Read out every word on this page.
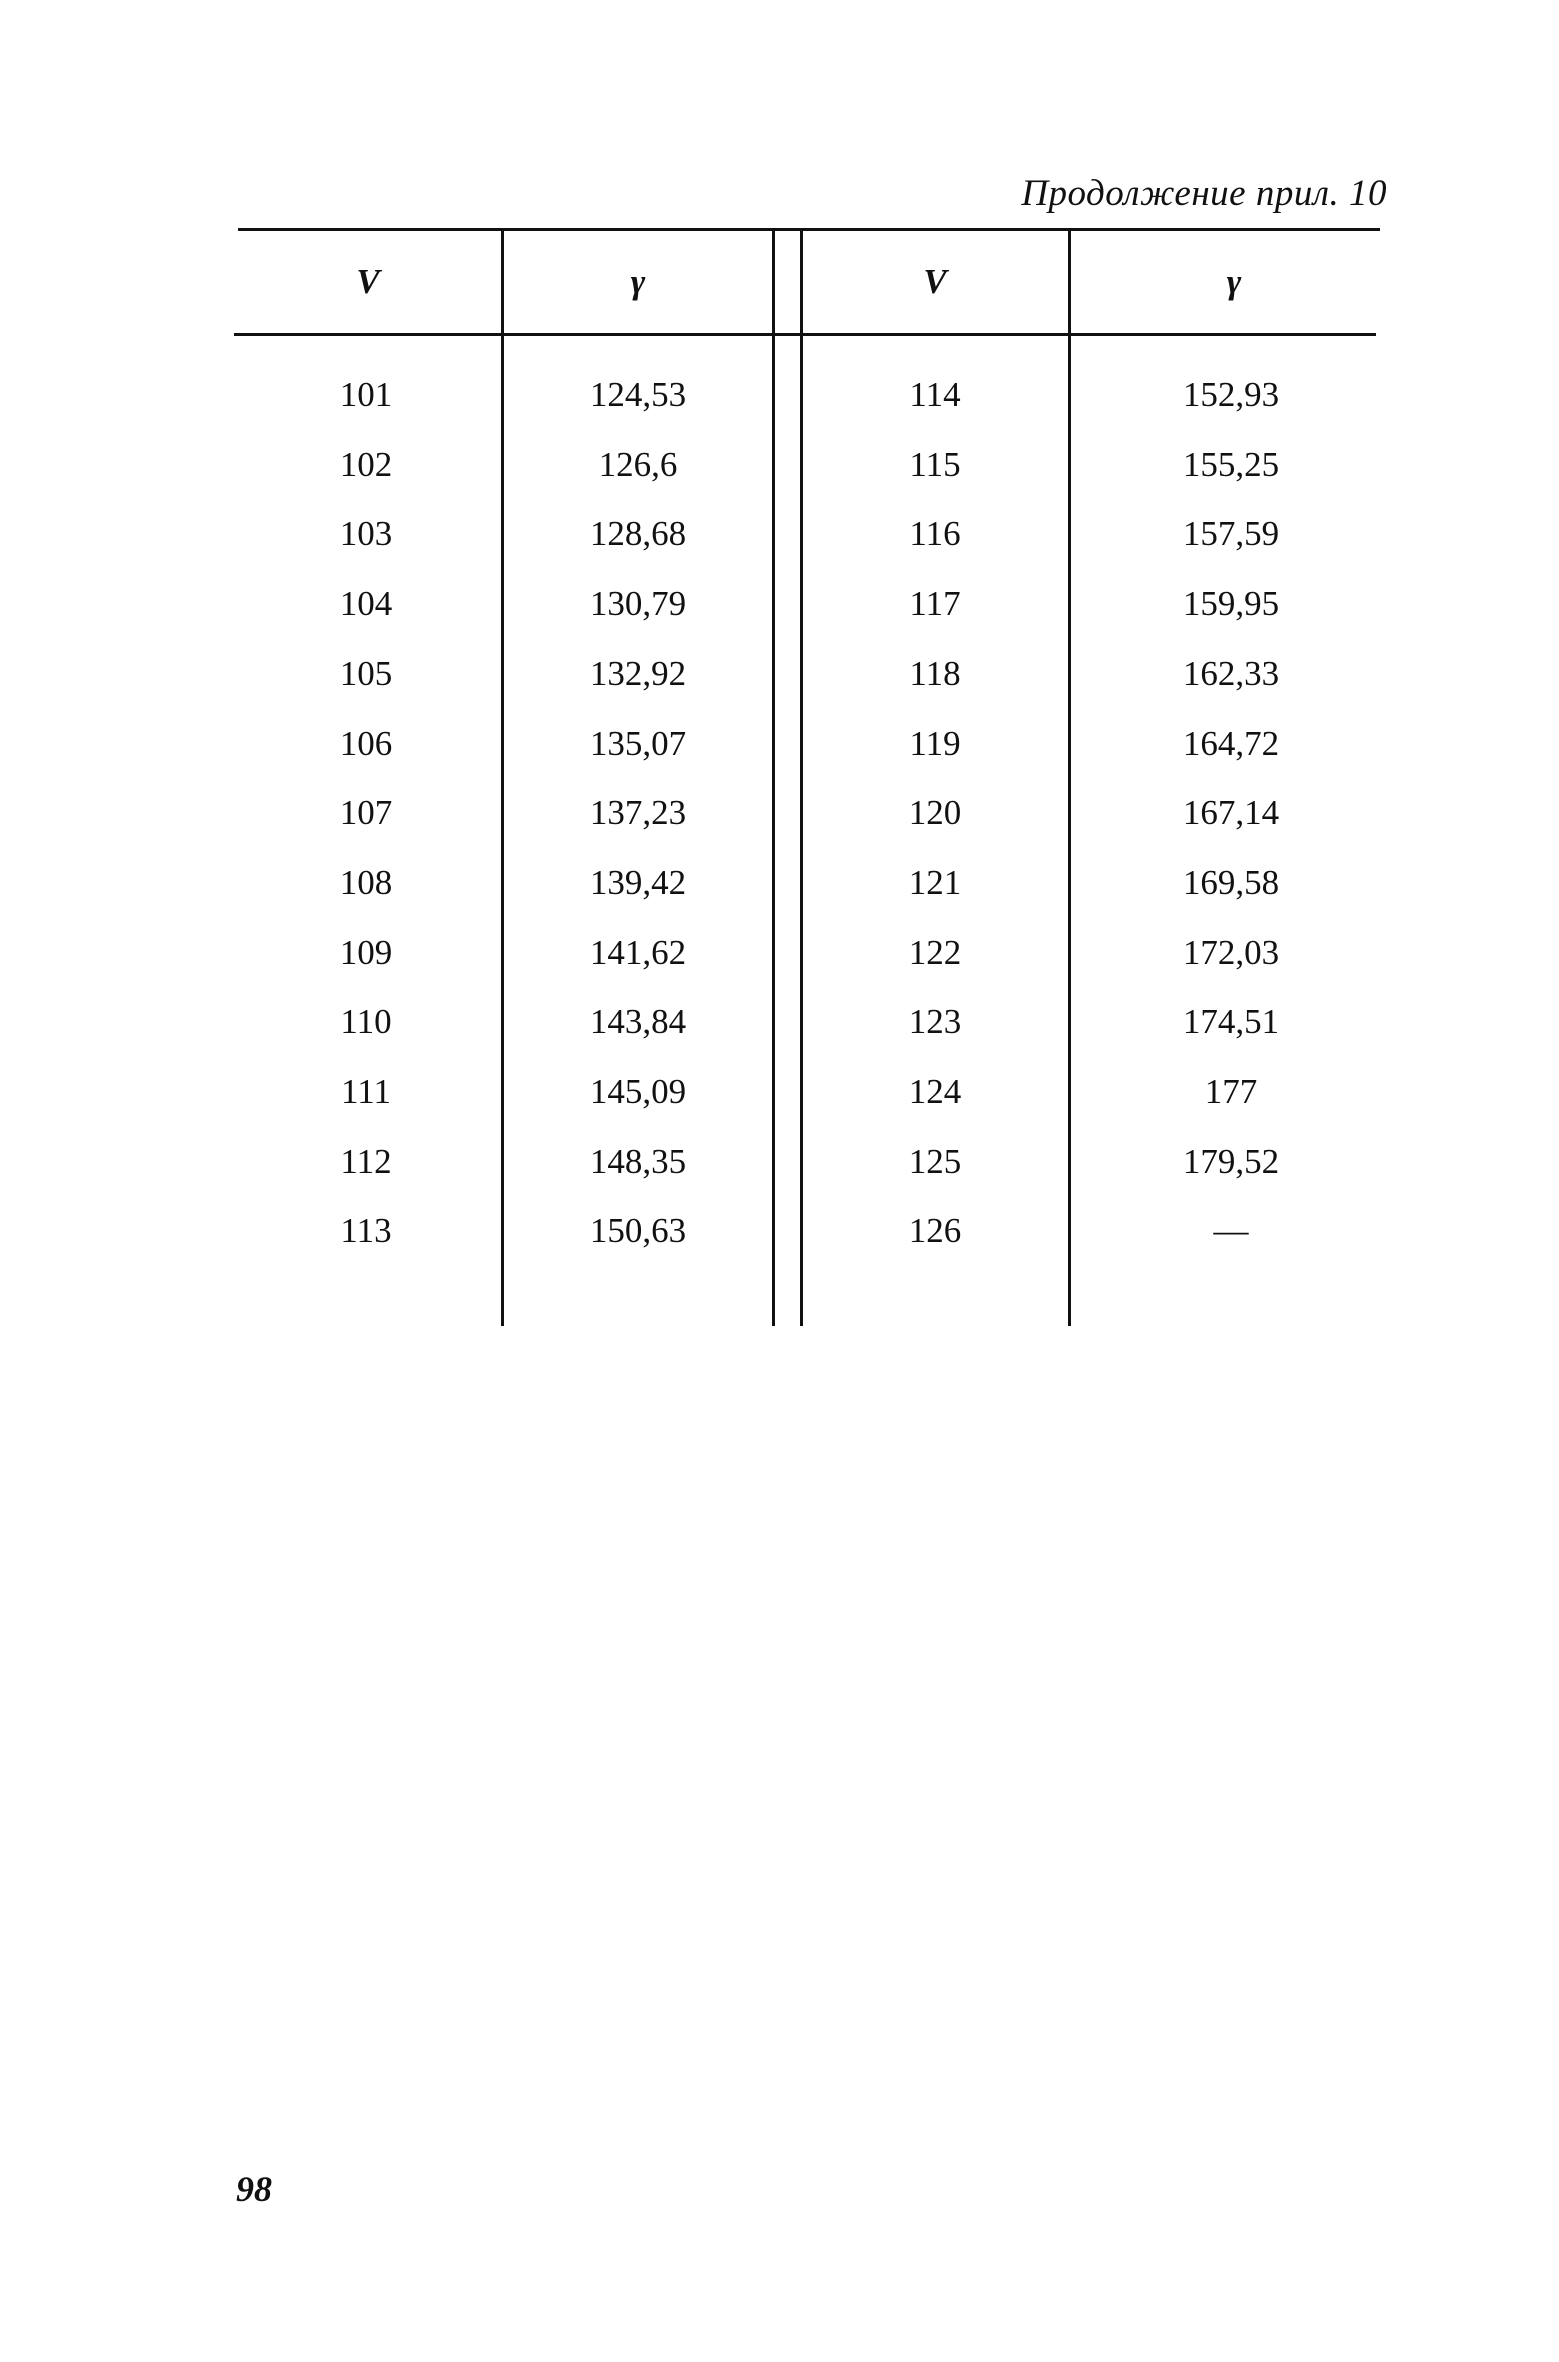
Продолжение прил. 10
V	γ	V	γ
101	124,53	114	152,93
102	126,6	115	155,25
103	128,68	116	157,59
104	130,79	117	159,95
105	132,92	118	162,33
106	135,07	119	164,72
107	137,23	120	167,14
108	139,42	121	169,58
109	141,62	122	172,03
110	143,84	123	174,51
111	145,09	124	177
112	148,35	125	179,52
113	150,63	126	—
98
